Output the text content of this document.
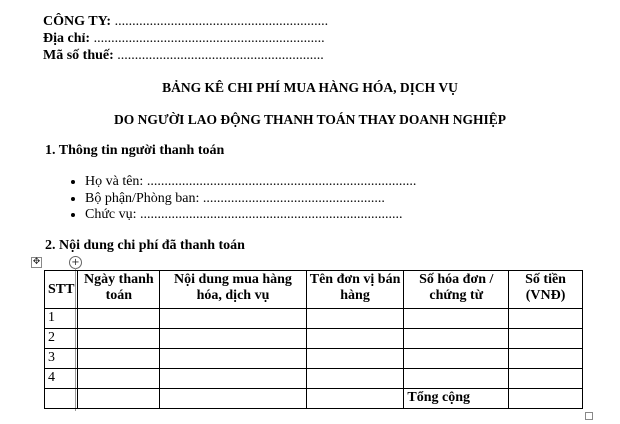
CÔNG TY: .............................................................
Địa chỉ: ..................................................................
Mã số thuế: ...........................................................
BẢNG KÊ CHI PHÍ MUA HÀNG HÓA, DỊCH VỤ
DO NGƯỜI LAO ĐỘNG THANH TOÁN THAY DOANH NGHIỆP
1. Thông tin người thanh toán
• Họ và tên: .............................................................................
• Bộ phận/Phòng ban: ....................................................
• Chức vụ: ...........................................................................
2. Nội dung chi phí đã thanh toán
✥	+
STT	Ngày thanh toán	Nội dung mua hàng hóa, dịch vụ	Tên đơn vị bán hàng	Số hóa đơn / chứng từ	Số tiền (VNĐ)
1					
2					
3					
4					
				Tổng cộng	
